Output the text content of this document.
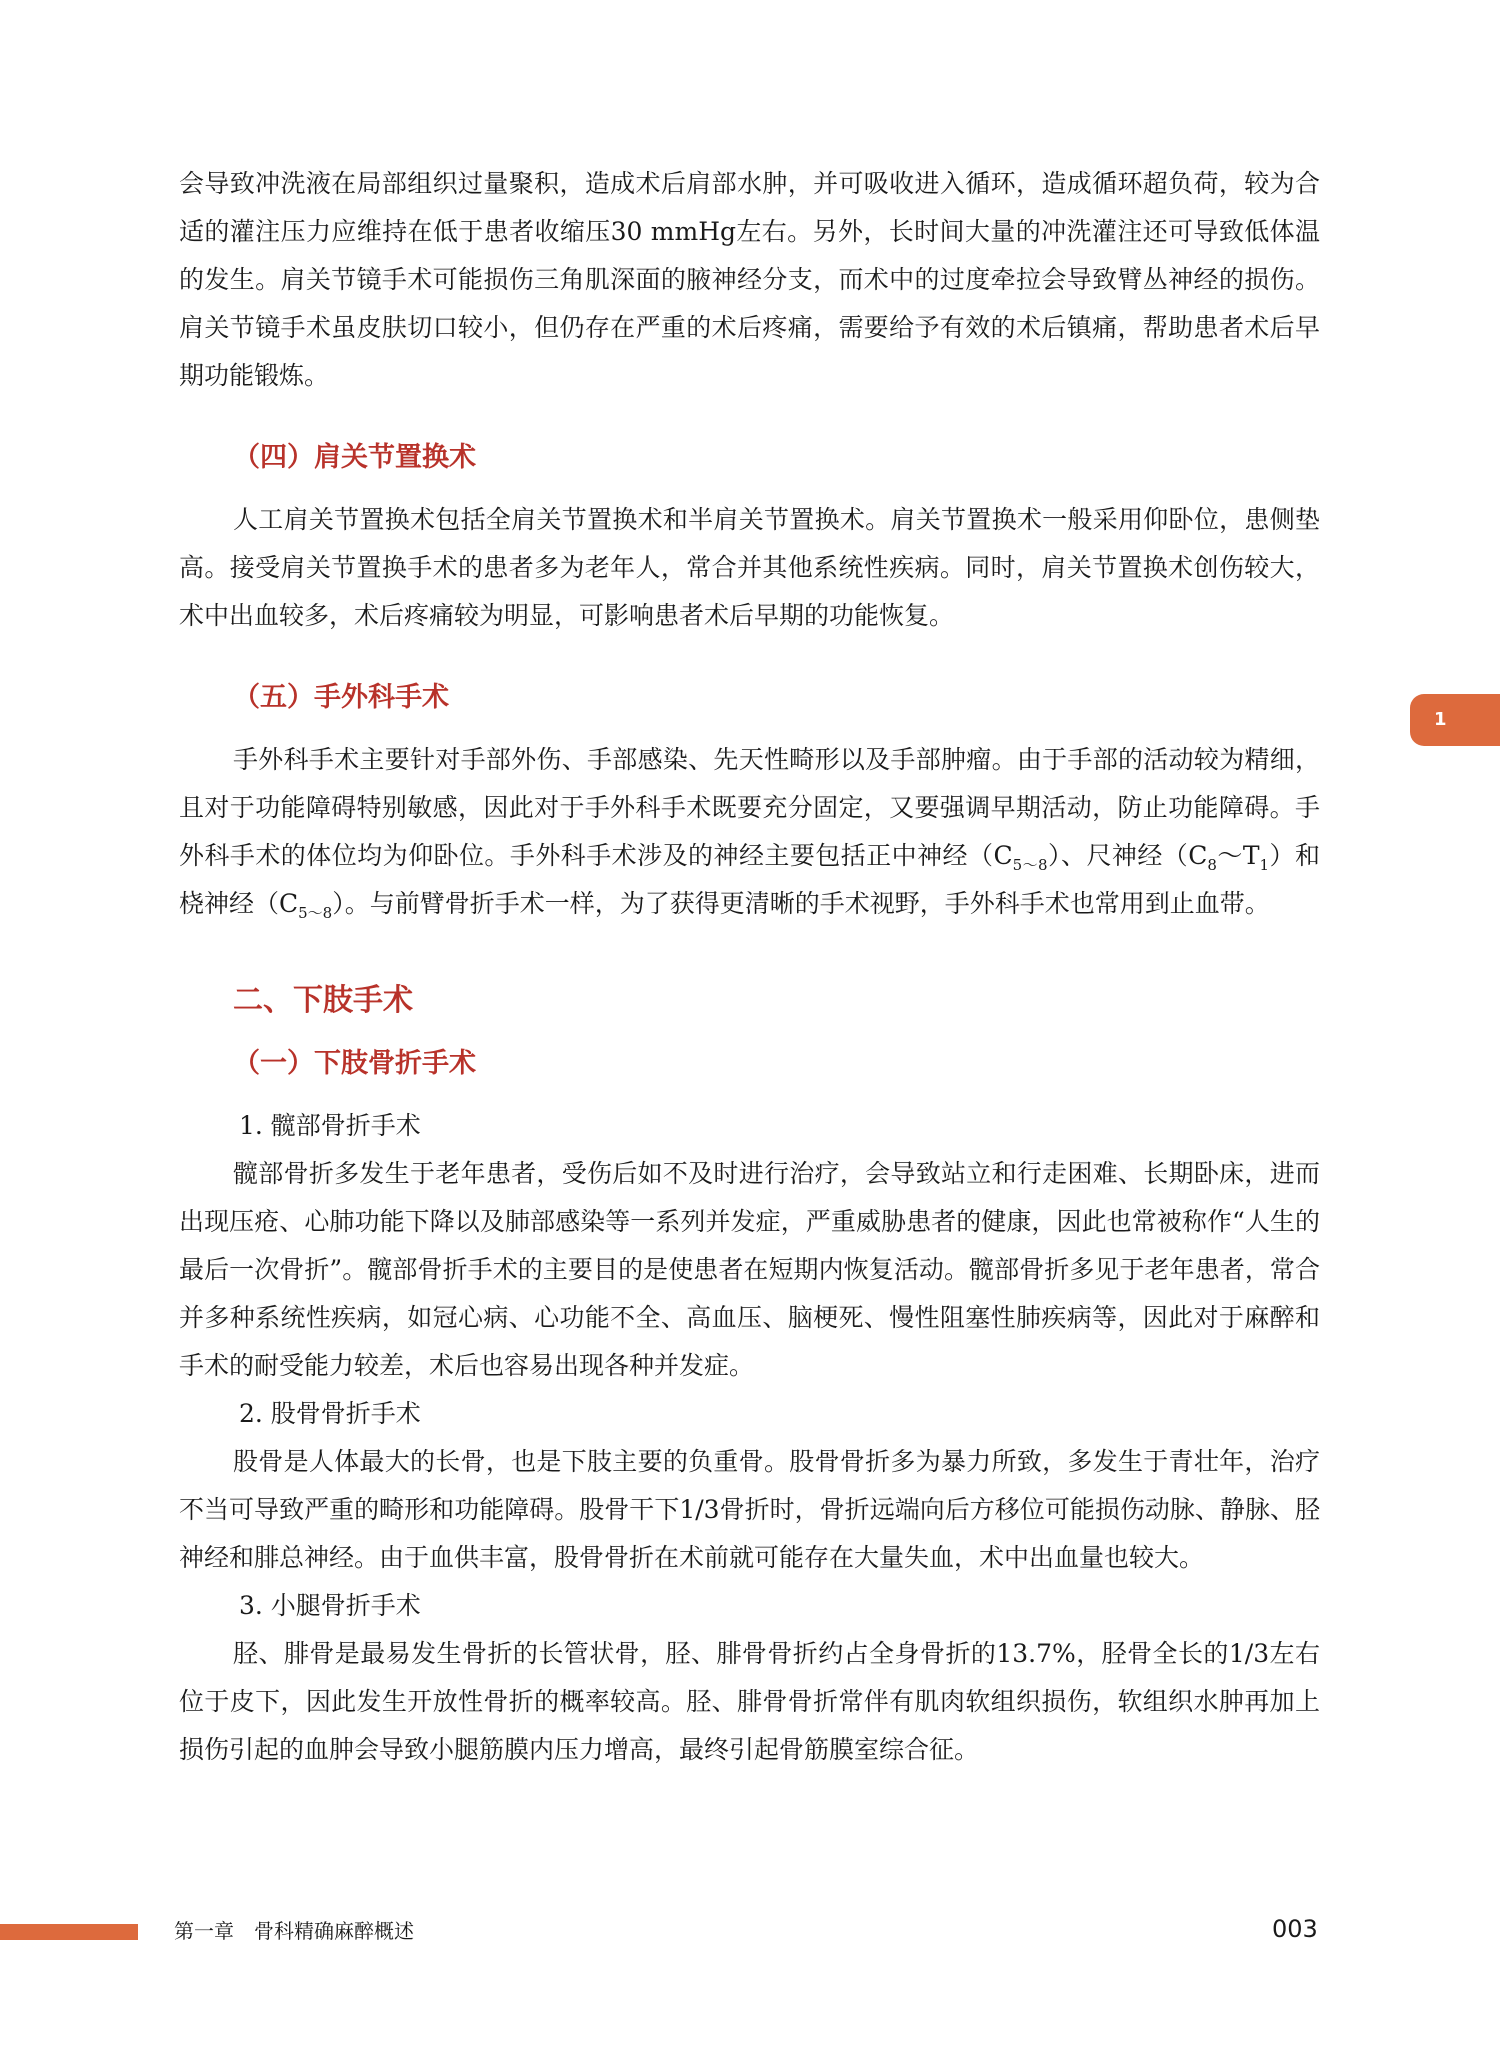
会导致冲洗液在局部组织过量聚积，造成术后肩部水肿，并可吸收进入循环，造成循环超负荷，较为合适的灌注压力应维持在低于患者收缩压30 mmHg左右。另外，长时间大量的冲洗灌注还可导致低体温的发生。肩关节镜手术可能损伤三角肌深面的腋神经分支，而术中的过度牵拉会导致臂丛神经的损伤。肩关节镜手术虽皮肤切口较小，但仍存在严重的术后疼痛，需要给予有效的术后镇痛，帮助患者术后早期功能锻炼。

（四）肩关节置换术

人工肩关节置换术包括全肩关节置换术和半肩关节置换术。肩关节置换术一般采用仰卧位，患侧垫高。接受肩关节置换手术的患者多为老年人，常合并其他系统性疾病。同时，肩关节置换术创伤较大，术中出血较多，术后疼痛较为明显，可影响患者术后早期的功能恢复。

（五）手外科手术

手外科手术主要针对手部外伤、手部感染、先天性畸形以及手部肿瘤。由于手部的活动较为精细，且对于功能障碍特别敏感，因此对于手外科手术既要充分固定，又要强调早期活动，防止功能障碍。手外科手术的体位均为仰卧位。手外科手术涉及的神经主要包括正中神经$(C_{5\sim 8})$、尺神经$(C_8\sim T_1)$和桡神经$(C_{5\sim 8})$。与前臂骨折手术一样，为了获得更清晰的手术视野，手外科手术也常用到止血带。

二、下肢手术
（一）下肢骨折手术
1. 髋部骨折手术

髋部骨折多发生于老年患者，受伤后如不及时进行治疗，会导致站立和行走困难、长期卧床，进而出现压疮、心肺功能下降以及肺部感染等一系列并发症，严重威胁患者的健康，因此也常被称作“人生的最后一次骨折”。髋部骨折手术的主要目的是使患者在短期内恢复活动。髋部骨折多见于老年患者，常合并多种系统性疾病，如冠心病、心功能不全、高血压、脑梗死、慢性阻塞性肺疾病等，因此对于麻醉和手术的耐受能力较差，术后也容易出现各种并发症。

2. 股骨骨折手术

股骨是人体最大的长骨，也是下肢主要的负重骨。股骨骨折多为暴力所致，多发生于青壮年，治疗不当可导致严重的畸形和功能障碍。股骨干下1/3骨折时，骨折远端向后方移位可能损伤动脉、静脉、胫神经和腓总神经。由于血供丰富，股骨骨折在术前就可能存在大量失血，术中出血量也较大。

3. 小腿骨折手术

胫、腓骨是最易发生骨折的长管状骨，胫、腓骨骨折约占全身骨折的13.7%，胫骨全长的1/3左右位于皮下，因此发生开放性骨折的概率较高。胫、腓骨骨折常伴有肌肉软组织损伤，软组织水肿再加上损伤引起的血肿会导致小腿筋膜内压力增高，最终引起骨筋膜室综合征。

1
第一章　骨科精确麻醉概述	003
